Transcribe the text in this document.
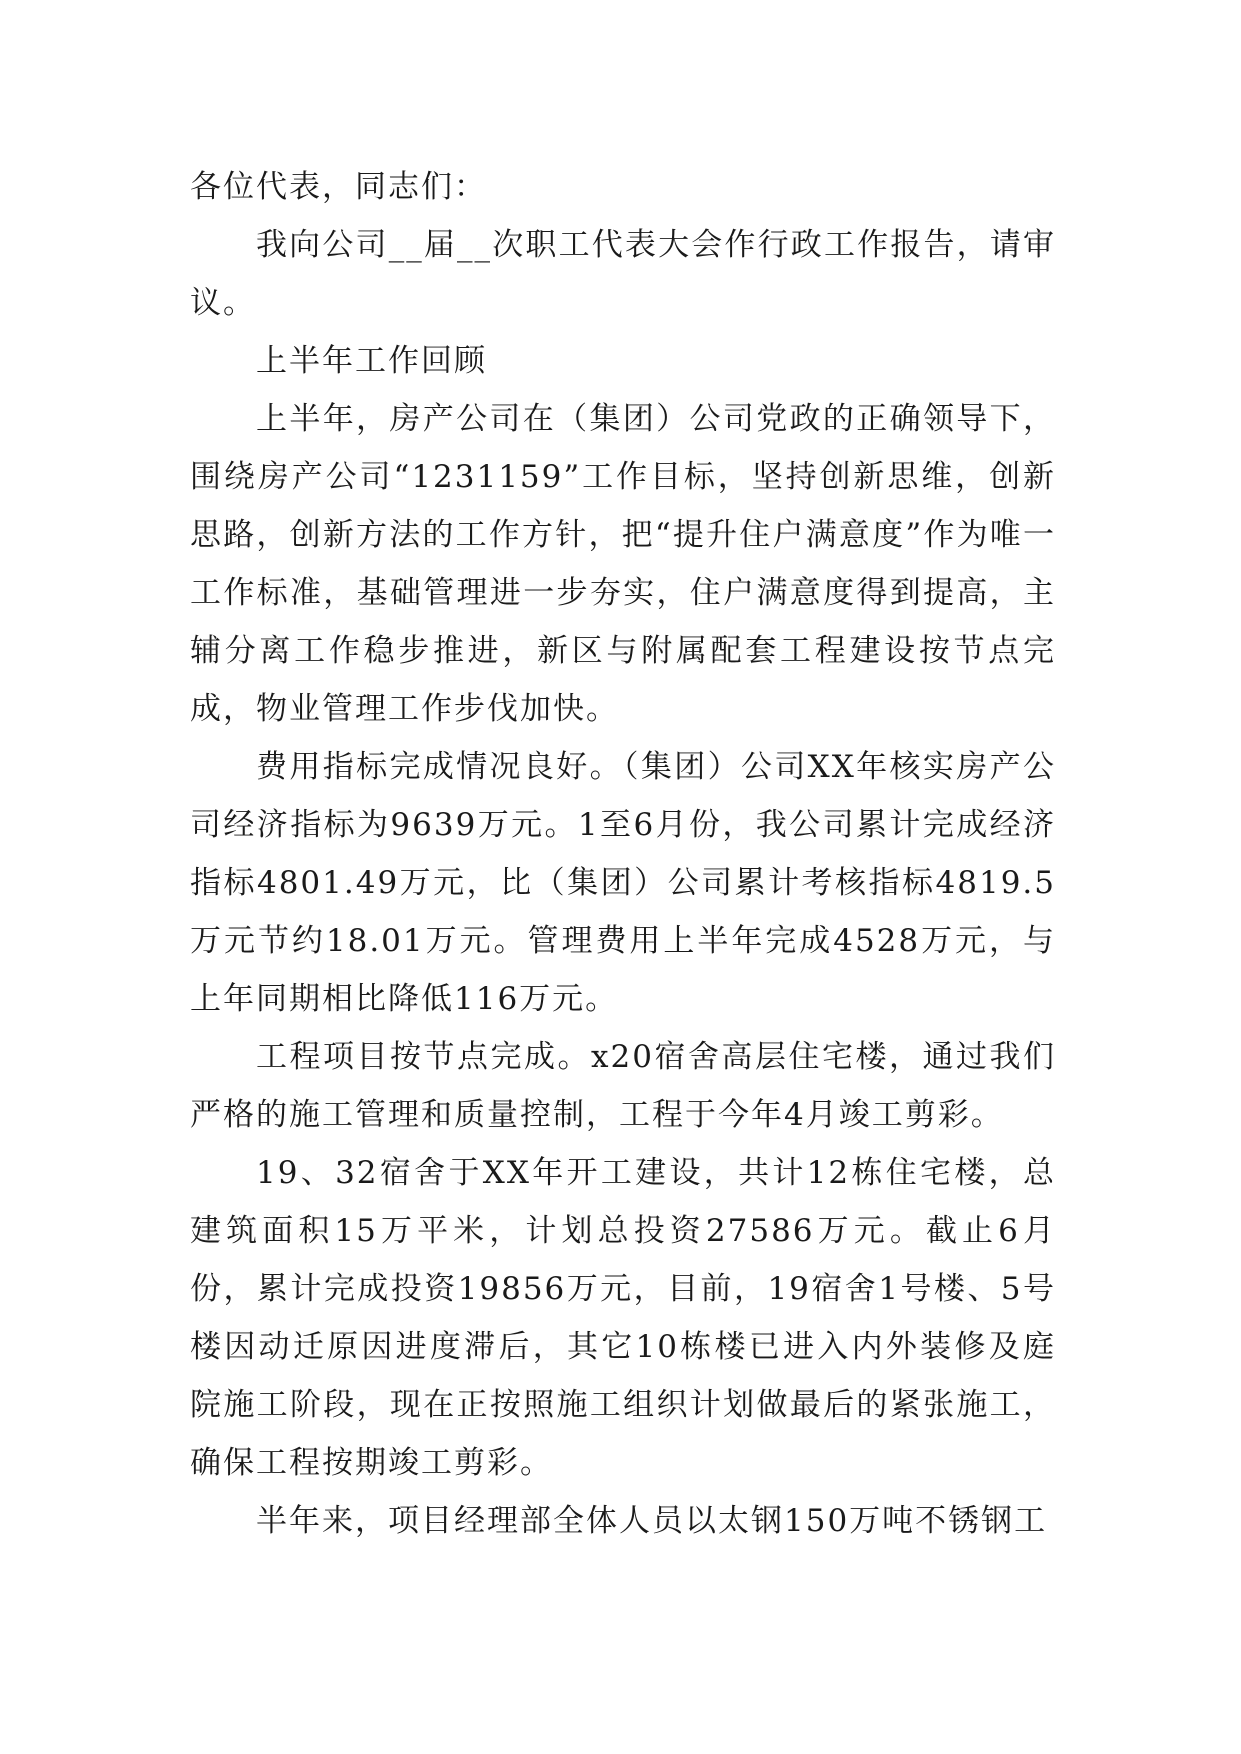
各位代表，同志们：

我向公司__届__次职工代表大会作行政工作报告，请审议。

上半年工作回顾

上半年，房产公司在（集团）公司党政的正确领导下，围绕房产公司“1231159”工作目标，坚持创新思维，创新思路，创新方法的工作方针，把“提升住户满意度”作为唯一工作标准，基础管理进一步夯实，住户满意度得到提高，主辅分离工作稳步推进，新区与附属配套工程建设按节点完成，物业管理工作步伐加快。

费用指标完成情况良好。（集团）公司XX年核实房产公司经济指标为9639万元。1至6月份，我公司累计完成经济指标4801.49万元，比（集团）公司累计考核指标4819.5万元节约18.01万元。管理费用上半年完成4528万元，与上年同期相比降低116万元。

工程项目按节点完成。x20宿舍高层住宅楼，通过我们严格的施工管理和质量控制，工程于今年4月竣工剪彩。

19、32宿舍于XX年开工建设，共计12栋住宅楼，总建筑面积15万平米，计划总投资27586万元。截止6月份，累计完成投资19856万元，目前，19宿舍1号楼、5号楼因动迁原因进度滞后，其它10栋楼已进入内外装修及庭院施工阶段，现在正按照施工组织计划做最后的紧张施工，确保工程按期竣工剪彩。

半年来，项目经理部全体人员以太钢150万吨不锈钢工
